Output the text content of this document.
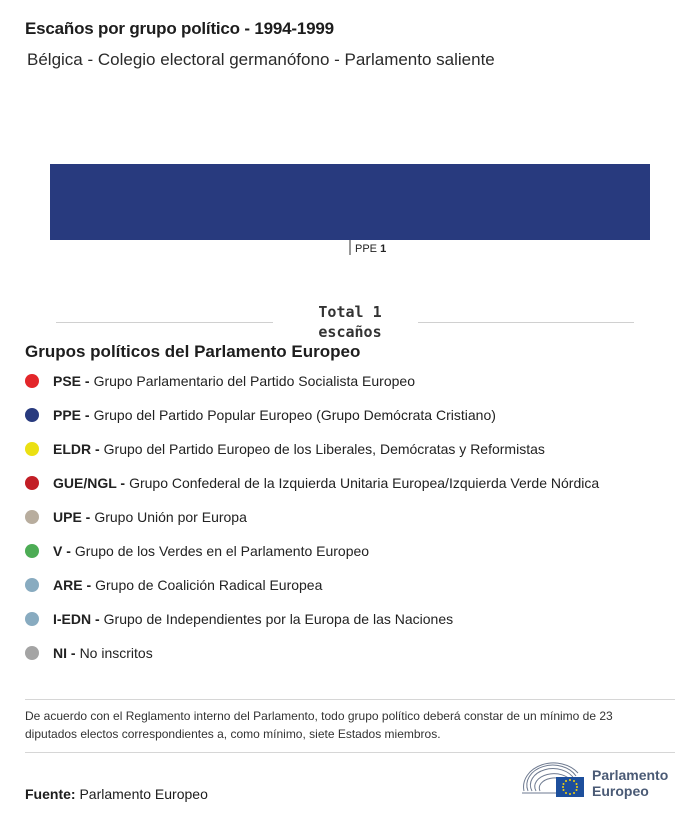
Escaños por grupo político - 1994-1999
Bélgica - Colegio electoral germanófono - Parlamento saliente
PPE 1
Total 1
escaños
Grupos políticos del Parlamento Europeo
PSE - Grupo Parlamentario del Partido Socialista Europeo
PPE - Grupo del Partido Popular Europeo (Grupo Demócrata Cristiano)
ELDR - Grupo del Partido Europeo de los Liberales, Demócratas y Reformistas
GUE/NGL - Grupo Confederal de la Izquierda Unitaria Europea/Izquierda Verde Nórdica
UPE - Grupo Unión por Europa
V - Grupo de los Verdes en el Parlamento Europeo
ARE - Grupo de Coalición Radical Europea
I-EDN - Grupo de Independientes por la Europa de las Naciones
NI - No inscritos
De acuerdo con el Reglamento interno del Parlamento, todo grupo político deberá constar de un mínimo de 23 diputados electos correspondientes a, como mínimo, siete Estados miembros.
Fuente: Parlamento Europeo
Parlamento
Europeo
